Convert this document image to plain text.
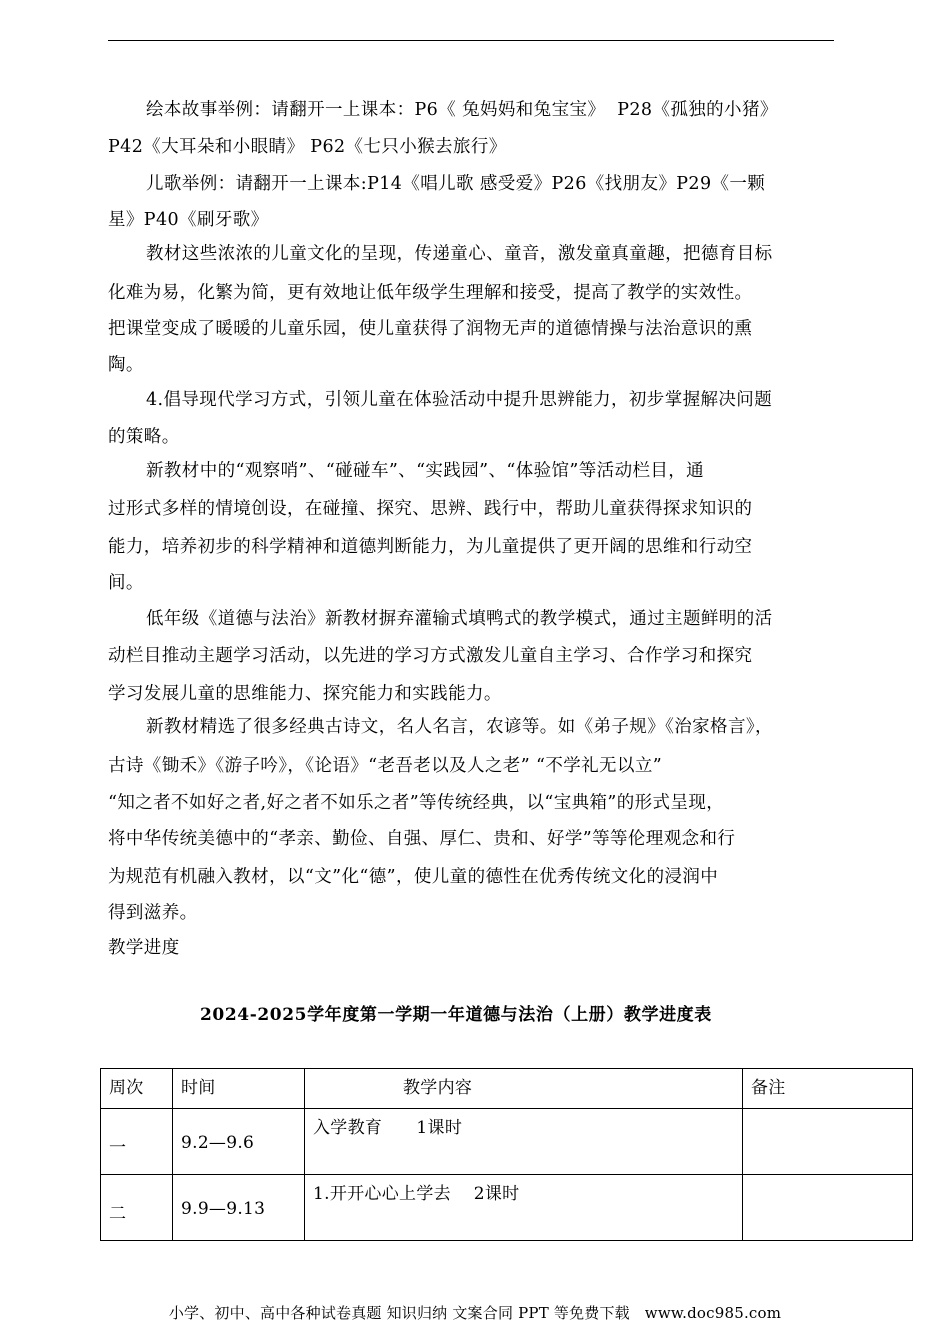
绘本故事举例：请翻开一上课本：P6《 兔妈妈和兔宝宝》  P28《孤独的小猪》
P42《大耳朵和小眼睛》 P62《七只小猴去旅行》
儿歌举例：请翻开一上课本:P14《唱儿歌 感受爱》P26《找朋友》P29《一颗
星》P40《刷牙歌》
教材这些浓浓的儿童文化的呈现，传递童心、童音，激发童真童趣，把德育目标
化难为易，化繁为简，更有效地让低年级学生理解和接受，提高了教学的实效性。
把课堂变成了暖暖的儿童乐园，使儿童获得了润物无声的道德情操与法治意识的熏
陶。
4.倡导现代学习方式，引领儿童在体验活动中提升思辨能力，初步掌握解决问题
的策略。
新教材中的“观察哨”、“碰碰车”、“实践园”、“体验馆”等活动栏目，通
过形式多样的情境创设，在碰撞、探究、思辨、践行中，帮助儿童获得探求知识的
能力，培养初步的科学精神和道德判断能力，为儿童提供了更开阔的思维和行动空
间。
低年级《道德与法治》新教材摒弃灌输式填鸭式的教学模式，通过主题鲜明的活
动栏目推动主题学习活动，以先进的学习方式激发儿童自主学习、合作学习和探究
学习发展儿童的思维能力、探究能力和实践能力。
新教材精选了很多经典古诗文，名人名言，农谚等。如《弟子规》《治家格言》，
古诗《锄禾》《游子吟》，《论语》“老吾老以及人之老” “不学礼无以立”
“知之者不如好之者,好之者不如乐之者”等传统经典，以“宝典箱”的形式呈现，
将中华传统美德中的“孝亲、勤俭、自强、厚仁、贵和、好学”等等伦理观念和行
为规范有机融入教材，以“文”化“德”，使儿童的德性在优秀传统文化的浸润中
得到滋养。
教学进度
2024-2025学年度第一学期一年道德与法治（上册）教学进度表
周次	时间	教学内容	备注

一	9.2—9.6	入学教育      1课时	

二	9.9—9.13	1.开开心心上学去    2课时	

小学、初中、高中各种试卷真题 知识归纳 文案合同 PPT 等免费下载   www.doc985.com
